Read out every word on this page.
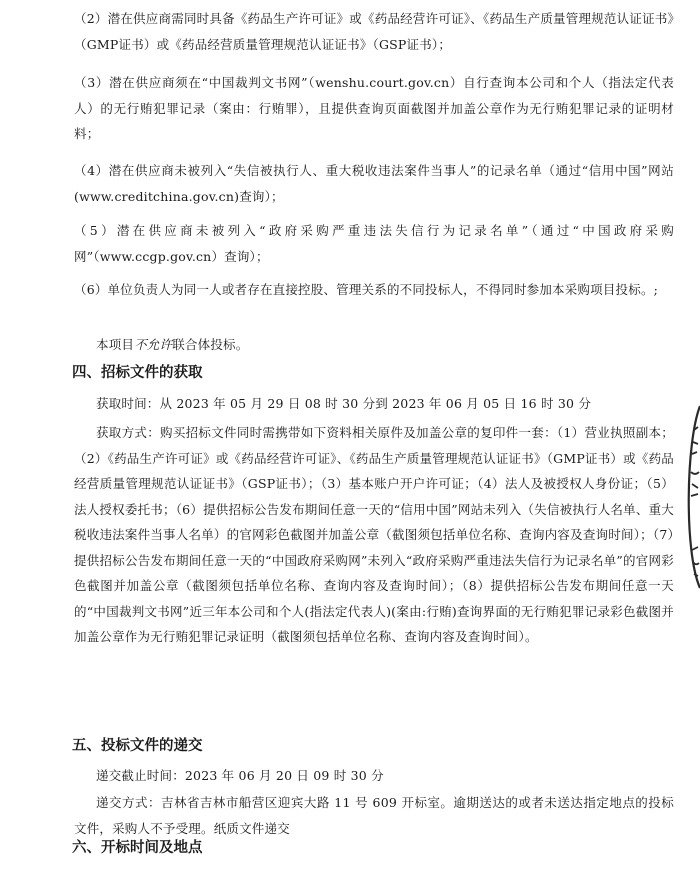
（2）潜在供应商需同时具备《药品生产许可证》或《药品经营许可证》、《药品生产质量管理规范认证证书》（GMP证书）或《药品经营质量管理规范认证证书》（GSP证书）；

（3）潜在供应商须在“中国裁判文书网”（wenshu.court.gov.cn）自行查询本公司和个人（指法定代表人）的无行贿犯罪记录（案由：行贿罪），且提供查询页面截图并加盖公章作为无行贿犯罪记录的证明材料；

（4）潜在供应商未被列入“失信被执行人、重大税收违法案件当事人”的记录名单（通过“信用中国”网站(www.creditchina.gov.cn)查询）；

（5）潜在供应商未被列入“政府采购严重违法失信行为记录名单”（通过“中国政府采购网”（www.ccgp.gov.cn）查询）；

（6）单位负责人为同一人或者存在直接控股、管理关系的不同投标人，不得同时参加本采购项目投标。;

本项目不允许联合体投标。

四、招标文件的获取

获取时间：从 2023 年 05 月 29 日 08 时 30 分到 2023 年 06 月 05 日 16 时 30 分

获取方式：购买招标文件同时需携带如下资料相关原件及加盖公章的复印件一套：（1）营业执照副本；（2）《药品生产许可证》或《药品经营许可证》、《药品生产质量管理规范认证证书》（GMP证书）或《药品经营质量管理规范认证证书》（GSP证书）；（3）基本账户开户许可证；（4）法人及被授权人身份证；（5）法人授权委托书；（6）提供招标公告发布期间任意一天的“信用中国”网站未列入（失信被执行人名单、重大税收违法案件当事人名单）的官网彩色截图并加盖公章（截图须包括单位名称、查询内容及查询时间）；（7）提供招标公告发布期间任意一天的“中国政府采购网”未列入“政府采购严重违法失信行为记录名单”的官网彩色截图并加盖公章（截图须包括单位名称、查询内容及查询时间）；（8）提供招标公告发布期间任意一天的“中国裁判文书网”近三年本公司和个人(指法定代表人)(案由:行贿)查询界面的无行贿犯罪记录彩色截图并加盖公章作为无行贿犯罪记录证明（截图须包括单位名称、查询内容及查询时间）。

五、投标文件的递交

递交截止时间：2023 年 06 月 20 日 09 时 30 分

递交方式：吉林省吉林市船营区迎宾大路 11 号 609 开标室。逾期送达的或者未送达指定地点的投标文件，采购人不予受理。纸质文件递交

六、开标时间及地点
